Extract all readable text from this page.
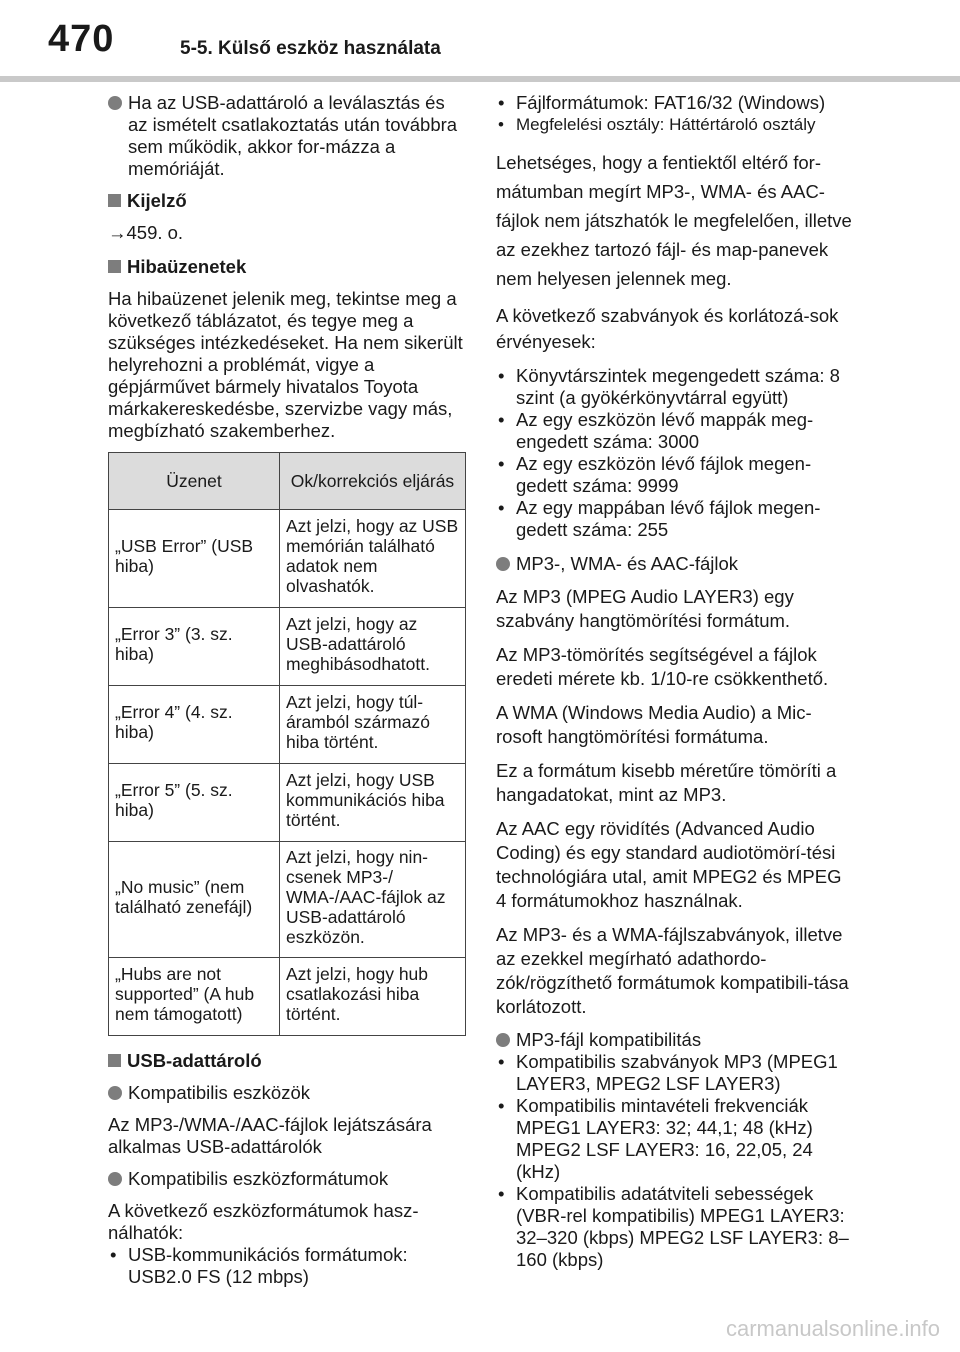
470	5-5. Külső eszköz használata

Ha az USB-adattároló a leválasztás és az ismételt csatlakoztatás után továbbra sem működik, akkor for-mázza a memóriáját.

Kijelző

→459. o.

Hibaüzenetek

Ha hibaüzenet jelenik meg, tekintse meg a következő táblázatot, és tegye meg a szükséges intézkedéseket. Ha nem sikerült helyrehozni a problémát, vigye a gépjárművet bármely hivatalos Toyota márkakereskedésbe, szervizbe vagy más, megbízható szakemberhez.

Üzenet	Ok/korrekciós eljárás
„USB Error” (USB hiba)	Azt jelzi, hogy az USB memórián található adatok nem olvashatók.
„Error 3” (3. sz. hiba)	Azt jelzi, hogy az USB-adattároló meghibásodhatott.
„Error 4” (4. sz. hiba)	Azt jelzi, hogy túl-áramból származó hiba történt.
„Error 5” (5. sz. hiba)	Azt jelzi, hogy USB kommunikációs hiba történt.
„No music” (nem található zenefájl)	Azt jelzi, hogy nin-csenek MP3-/ WMA-/AAC-fájlok az USB-adattároló eszközön.
„Hubs are not supported” (A hub nem támogatott)	Azt jelzi, hogy hub csatlakozási hiba történt.

USB-adattároló

Kompatibilis eszközök

Az MP3-/WMA-/AAC-fájlok lejátszására alkalmas USB-adattárolók

Kompatibilis eszközformátumok

A következő eszközformátumok hasz-nálhatók:

• USB-kommunikációs formátumok: USB2.0 FS (12 mbps)
• Fájlformátumok: FAT16/32 (Windows)
• Megfelelési osztály: Háttértároló osztály

Lehetséges, hogy a fentiektől eltérő for-mátumban megírt MP3-, WMA- és AAC-fájlok nem játszhatók le megfelelően, illetve az ezekhez tartozó fájl- és map-panevek nem helyesen jelennek meg.

A következő szabványok és korlátozá-sok érvényesek:

• Könyvtárszintek megengedett száma: 8 szint (a gyökérkönyvtárral együtt)
• Az egy eszközön lévő mappák meg-engedett száma: 3000
• Az egy eszközön lévő fájlok megen-gedett száma: 9999
• Az egy mappában lévő fájlok megen-gedett száma: 255

MP3-, WMA- és AAC-fájlok

Az MP3 (MPEG Audio LAYER3) egy szabvány hangtömörítési formátum.

Az MP3-tömörítés segítségével a fájlok eredeti mérete kb. 1/10-re csökkenthető.

A WMA (Windows Media Audio) a Mic-rosoft hangtömörítési formátuma.

Ez a formátum kisebb méretűre tömöríti a hangadatokat, mint az MP3.

Az AAC egy rövidítés (Advanced Audio Coding) és egy standard audiotömörí-tési technológiára utal, amit MPEG2 és MPEG 4 formátumokhoz használnak.

Az MP3- és a WMA-fájlszabványok, illetve az ezekkel megírható adathordo-zók/rögzíthető formátumok kompatibili-tása korlátozott.

MP3-fájl kompatibilitás

• Kompatibilis szabványok MP3 (MPEG1 LAYER3, MPEG2 LSF LAYER3)
• Kompatibilis mintavételi frekvenciák MPEG1 LAYER3: 32; 44,1; 48 (kHz) MPEG2 LSF LAYER3: 16, 22,05, 24 (kHz)
• Kompatibilis adatátviteli sebességek (VBR-rel kompatibilis) MPEG1 LAYER3: 32–320 (kbps) MPEG2 LSF LAYER3: 8–160 (kbps)
carmanualsonline.info
